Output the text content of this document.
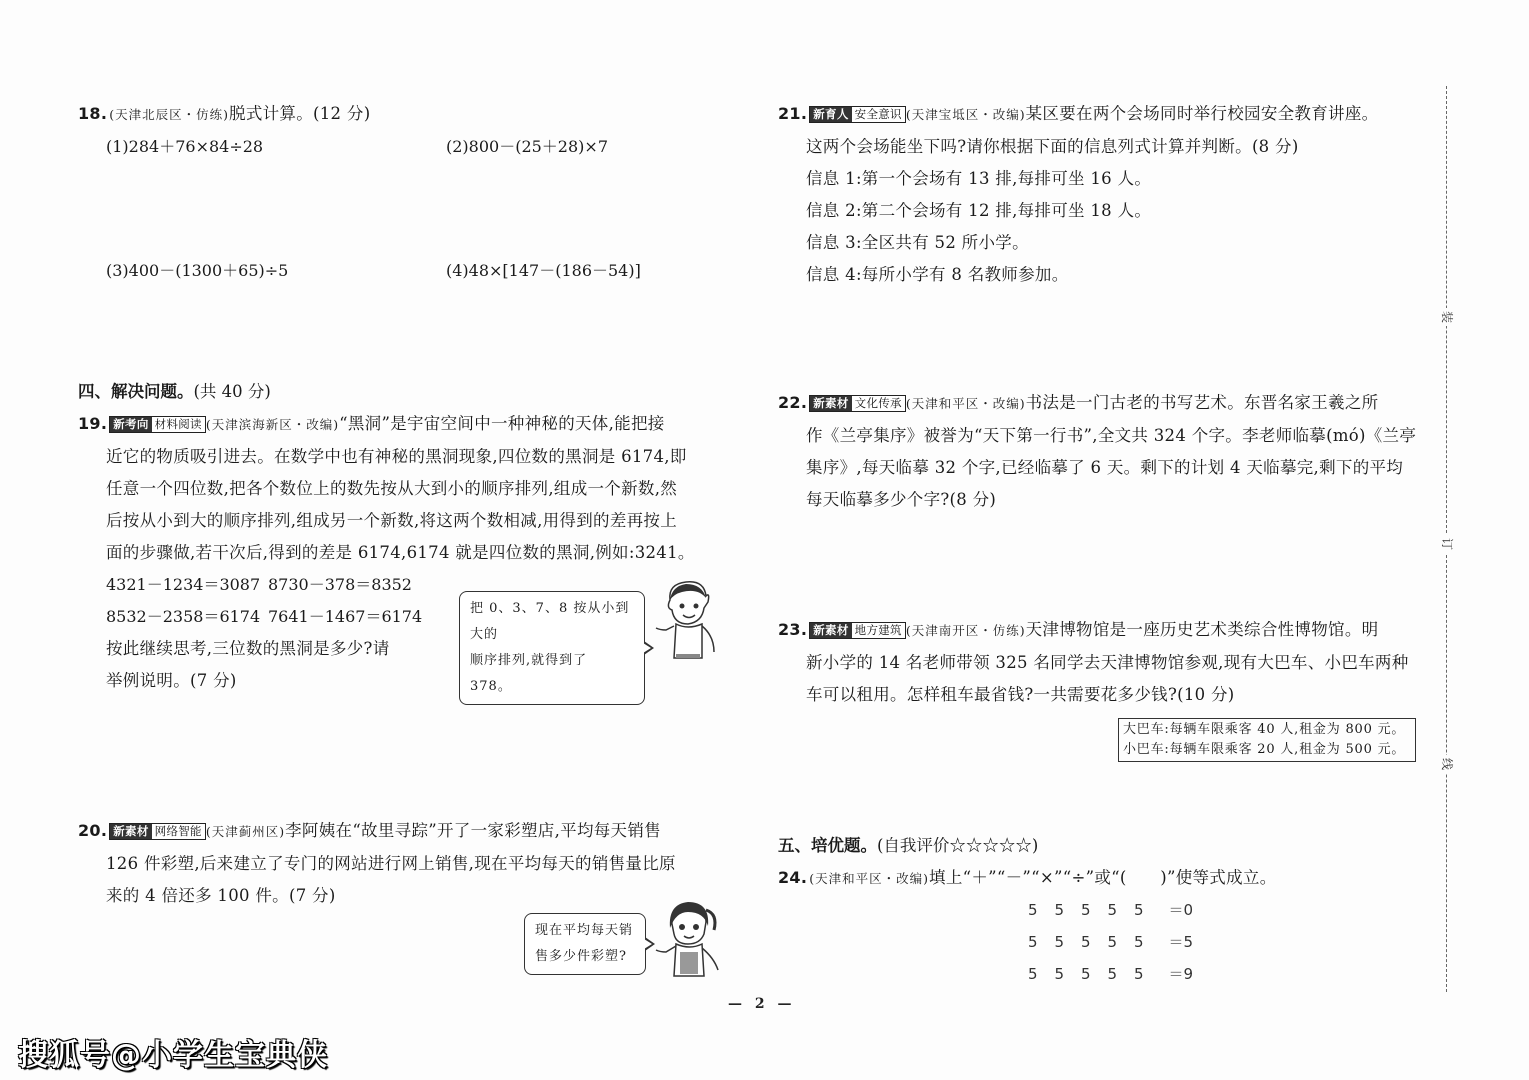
18. (天津北辰区・仿练)脱式计算。(12 分)
(1)284＋76×84÷28	(2)800－(25＋28)×7
(3)400－(1300＋65)÷5	(4)48×[147－(186－54)]
四、解决问题。(共 40 分)
19. 新考向 材料阅读 (天津滨海新区・改编)“黑洞”是宇宙空间中一种神秘的天体,能把接
近它的物质吸引进去。在数学中也有神秘的黑洞现象,四位数的黑洞是 6174,即
任意一个四位数,把各个数位上的数先按从大到小的顺序排列,组成一个新数,然
后按从小到大的顺序排列,组成另一个新数,将这两个数相减,用得到的差再按上
面的步骤做,若干次后,得到的差是 6174,6174 就是四位数的黑洞,例如:3241。
4321－1234＝3087 8730－378＝8352
8532－2358＝6174 7641－1467＝6174
按此继续思考,三位数的黑洞是多少?请
举例说明。(7 分)
20. 新素材 网络智能 (天津蓟州区)李阿姨在“故里寻踪”开了一家彩塑店,平均每天销售
126 件彩塑,后来建立了专门的网站进行网上销售,现在平均每天的销售量比原
来的 4 倍还多 100 件。(7 分)
把 0、3、7、8 按从小到大的
顺序排列,就得到了 378。
现在平均每天销
售多少件彩塑?
21. 新育人 安全意识 (天津宝坻区・改编)某区要在两个会场同时举行校园安全教育讲座。
这两个会场能坐下吗?请你根据下面的信息列式计算并判断。(8 分)
信息 1:第一个会场有 13 排,每排可坐 16 人。
信息 2:第二个会场有 12 排,每排可坐 18 人。
信息 3:全区共有 52 所小学。
信息 4:每所小学有 8 名教师参加。
22. 新素材 文化传承 (天津和平区・改编)书法是一门古老的书写艺术。东晋名家王羲之所
作《兰亭集序》被誉为“天下第一行书”,全文共 324 个字。李老师临摹(mó)《兰亭
集序》,每天临摹 32 个字,已经临摹了 6 天。剩下的计划 4 天临摹完,剩下的平均
每天临摹多少个字?(8 分)
23. 新素材 地方建筑 (天津南开区・仿练)天津博物馆是一座历史艺术类综合性博物馆。明
新小学的 14 名老师带领 325 名同学去天津博物馆参观,现有大巴车、小巴车两种
车可以租用。怎样租车最省钱?一共需要花多少钱?(10 分)
大巴车:每辆车限乘客 40 人,租金为 800 元。
小巴车:每辆车限乘客 20 人,租金为 500 元。
五、培优题。(自我评价☆☆☆☆☆)
24. (天津和平区・改编)填上“＋”“－”“×”“÷”或“(　　)”使等式成立。
5 5 5 5 5 ＝0
5 5 5 5 5 ＝5
5 5 5 5 5 ＝9
装
订
线
— 2 —
搜狐号@小学生宝典侠
